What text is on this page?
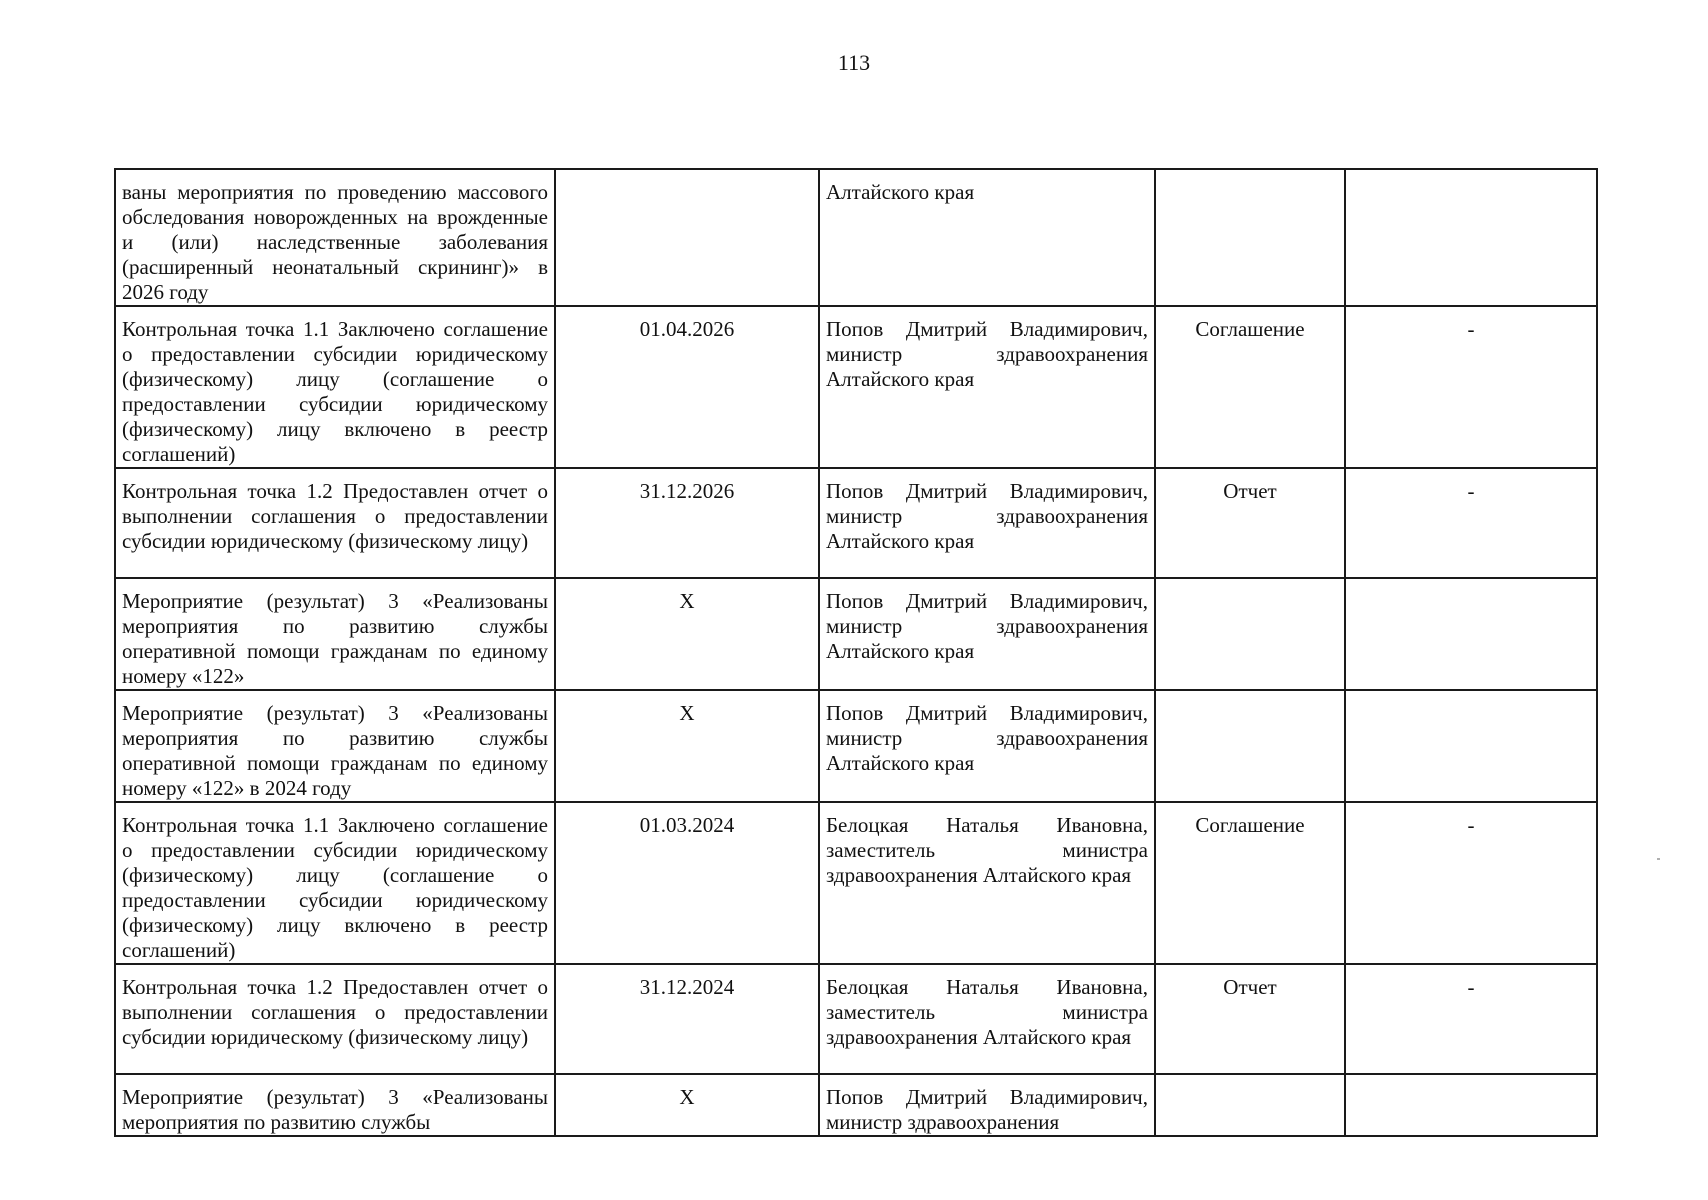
113
ваны мероприятия по проведению массового обследования новорожденных на врожденные и (или) наследственные заболевания (расширенный неонатальный скрининг)» в 2026 году		Алтайского края		
Контрольная точка 1.1 Заключено соглашение о предоставлении субсидии юридическому (физическому) лицу (соглашение о предоставлении субсидии юридическому (физическому) лицу включено в реестр соглашений)	01.04.2026	Попов Дмитрий Владимирович, министр здравоохранения Алтайского края	Соглашение	-
Контрольная точка 1.2 Предоставлен отчет о выполнении соглашения о предоставлении субсидии юридическому (физическому лицу)	31.12.2026	Попов Дмитрий Владимирович, министр здравоохранения Алтайского края	Отчет	-
Мероприятие (результат) 3 «Реализованы мероприятия по развитию службы оперативной помощи гражданам по единому номеру «122»	X	Попов Дмитрий Владимирович, министр здравоохранения Алтайского края		
Мероприятие (результат) 3 «Реализованы мероприятия по развитию службы оперативной помощи гражданам по единому номеру «122» в 2024 году	X	Попов Дмитрий Владимирович, министр здравоохранения Алтайского края		
Контрольная точка 1.1 Заключено соглашение о предоставлении субсидии юридическому (физическому) лицу (соглашение о предоставлении субсидии юридическому (физическому) лицу включено в реестр соглашений)	01.03.2024	Белоцкая Наталья Ивановна, заместитель министра здравоохранения Алтайского края	Соглашение	-
Контрольная точка 1.2 Предоставлен отчет о выполнении соглашения о предоставлении субсидии юридическому (физическому лицу)	31.12.2024	Белоцкая Наталья Ивановна, заместитель министра здравоохранения Алтайского края	Отчет	-
Мероприятие (результат) 3 «Реализованы мероприятия по развитию службы	X	Попов Дмитрий Владимирович, министр здравоохранения		
